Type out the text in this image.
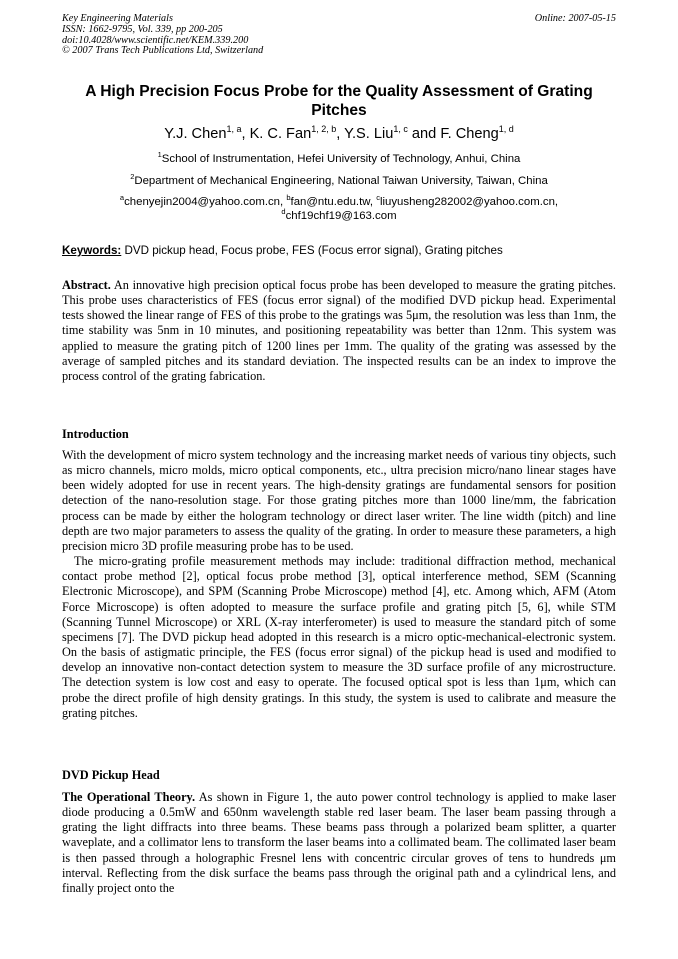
Key Engineering Materials
ISSN: 1662-9795, Vol. 339, pp 200-205
doi:10.4028/www.scientific.net/KEM.339.200
© 2007 Trans Tech Publications Ltd, Switzerland
Online: 2007-05-15
A High Precision Focus Probe for the Quality Assessment of Grating Pitches
Y.J. Chen$^{1, a}$, K. C. Fan$^{1, 2, b}$, Y.S. Liu$^{1, c}$ and F. Cheng$^{1, d}$
$^1$School of Instrumentation, Hefei University of Technology, Anhui, China
$^2$Department of Mechanical Engineering, National Taiwan University, Taiwan, China
$^a$chenyejin2004@yahoo.com.cn, $^b$fan@ntu.edu.tw, $^c$liuyusheng282002@yahoo.com.cn,
$^d$chf19chf19@163.com
Keywords: DVD pickup head, Focus probe, FES (Focus error signal), Grating pitches

Abstract. An innovative high precision optical focus probe has been developed to measure the grating pitches. This probe uses characteristics of FES (focus error signal) of the modified DVD pickup head. Experimental tests showed the linear range of FES of this probe to the gratings was 5μm, the resolution was less than 1nm, the time stability was 5nm in 10 minutes, and positioning repeatability was better than 12nm. This system was applied to measure the grating pitch of 1200 lines per 1mm. The quality of the grating was assessed by the average of sampled pitches and its standard deviation. The inspected results can be an index to improve the process control of the grating fabrication.

Introduction

With the development of micro system technology and the increasing market needs of various tiny objects, such as micro channels, micro molds, micro optical components, etc., ultra precision micro/nano linear stages have been widely adopted for use in recent years. The high-density gratings are fundamental sensors for position detection of the nano-resolution stage. For those grating pitches more than 1000 line/mm, the fabrication process can be made by either the hologram technology or direct laser writer. The line width (pitch) and line depth are two major parameters to assess the quality of the grating. In order to measure these parameters, a high precision micro 3D profile measuring probe has to be used.

The micro-grating profile measurement methods may include: traditional diffraction method, mechanical contact probe method [2], optical focus probe method [3], optical interference method, SEM (Scanning Electronic Microscope), and SPM (Scanning Probe Microscope) method [4], etc. Among which, AFM (Atom Force Microscope) is often adopted to measure the surface profile and grating pitch [5, 6], while STM (Scanning Tunnel Microscope) or XRL (X-ray interferometer) is used to measure the standard pitch of some specimens [7]. The DVD pickup head adopted in this research is a micro optic-mechanical-electronic system. On the basis of astigmatic principle, the FES (focus error signal) of the pickup head is used and modified to develop an innovative non-contact detection system to measure the 3D surface profile of any microstructure. The detection system is low cost and easy to operate. The focused optical spot is less than 1μm, which can probe the direct profile of high density gratings. In this study, the system is used to calibrate and measure the grating pitches.

DVD Pickup Head

The Operational Theory. As shown in Figure 1, the auto power control technology is applied to make laser diode producing a 0.5mW and 650nm wavelength stable red laser beam. The laser beam passing through a grating the light diffracts into three beams. These beams pass through a polarized beam splitter, a quarter waveplate, and a collimator lens to transform the laser beams into a collimated beam. The collimated laser beam is then passed through a holographic Fresnel lens with concentric circular groves of tens to hundreds μm interval. Reflecting from the disk surface the beams pass through the original path and a cylindrical lens, and finally project onto the
